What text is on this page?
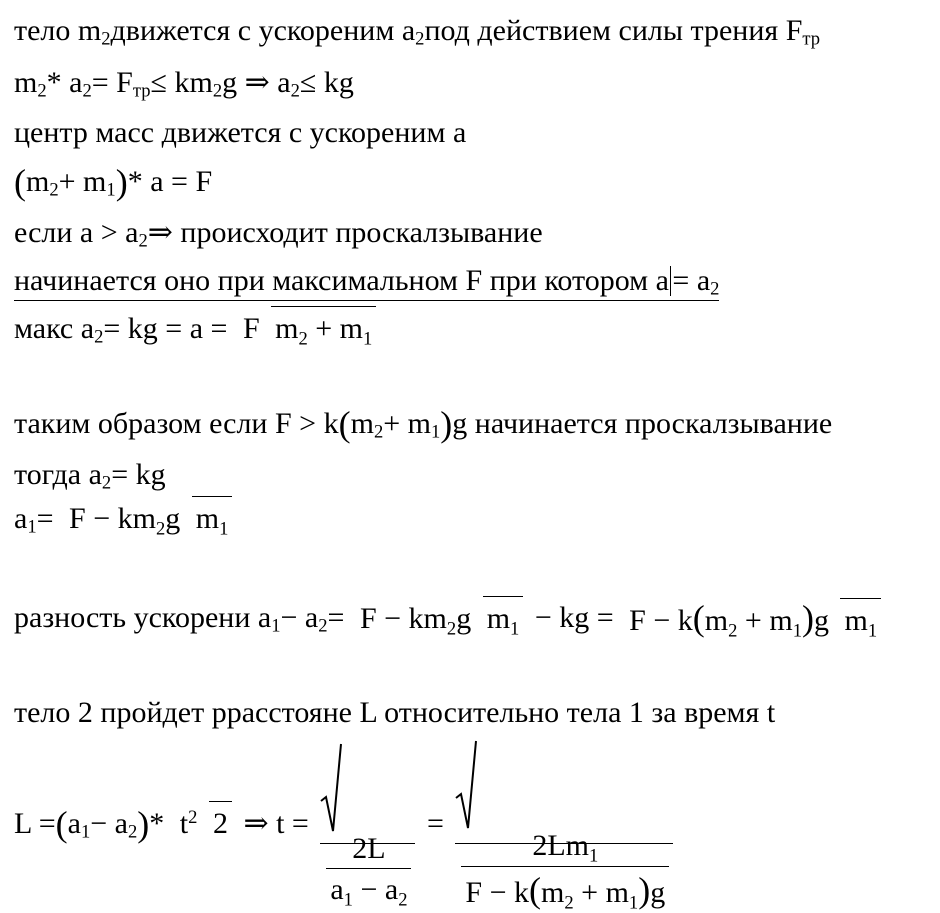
тело $m_2движется$ с ускореним $a_2под$ действием силы трения $F_{тр}$
$m_2*$ $a_2= F_{тр}\le km_2g$ ⇒ $a_2\le$ kg
центр масс движется с ускореним a
$(m_2+ m_1)*$ a = F
если $a > a_2\Rightarrow$ происходит проскалзывание
начинается оно при максимальном F при котором $a= a_2$
макс $a_2=$ kg = a = F $m_2 + m_1$
таким образом если $F > k(m_2+ m_1)g$ начинается проскалзывание
тогда $a_2=$ kg
$a_1= F - km_2g$ $m_1$
разность ускорени $a_1- a_2= F - km_2g$ $m_1$ − kg = $F - k(m_2 + m_1)g$ $m_1$
тело 2 пройдет ррасстояне L относительно тела 1 за время t
$L =(a_1- a_2)*$ $t^2$ 2 ⇒ t =
$\frac{2L}{a_1 - a_2}$
=
$\frac{2Lm_1}{F - k(m_2 + m_1)g}$
